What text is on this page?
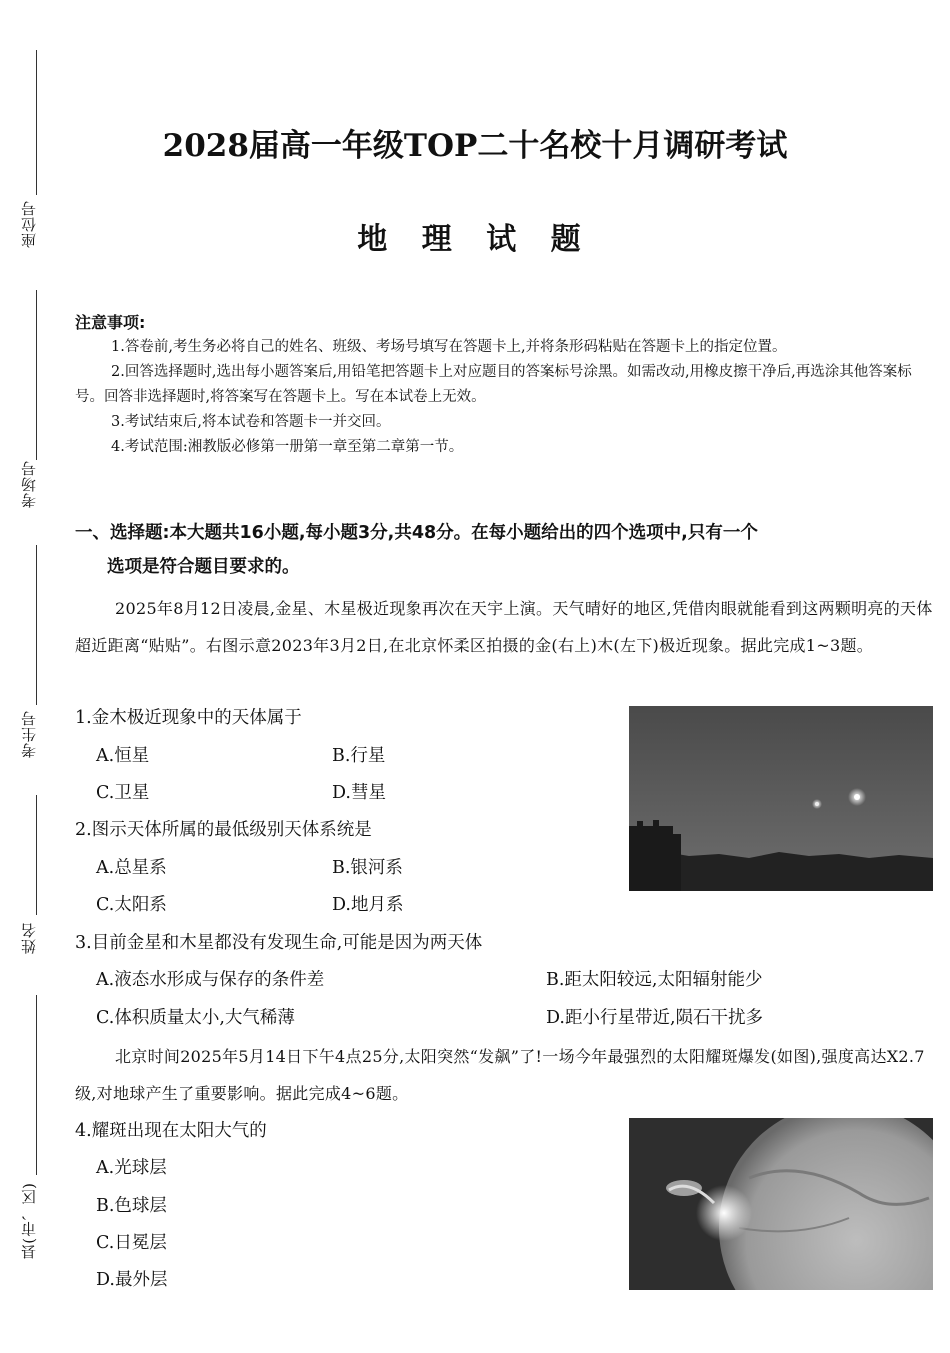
座位号
考场号
考生号
姓名
县(市、区)
2028届高一年级TOP二十名校十月调研考试
地 理 试 题
注意事项:

1.答卷前,考生务必将自己的姓名、班级、考场号填写在答题卡上,并将条形码粘贴在答题卡上的指定位置。

2.回答选择题时,选出每小题答案后,用铅笔把答题卡上对应题目的答案标号涂黑。如需改动,用橡皮擦干净后,再选涂其他答案标号。回答非选择题时,将答案写在答题卡上。写在本试卷上无效。

3.考试结束后,将本试卷和答题卡一并交回。

4.考试范围:湘教版必修第一册第一章至第二章第一节。

一、选择题:本大题共16小题,每小题3分,共48分。在每小题给出的四个选项中,只有一个
选项是符合题目要求的。
2025年8月12日凌晨,金星、木星极近现象再次在天宇上演。天气晴好的地区,凭借肉眼就能看到这两颗明亮的天体超近距离“贴贴”。右图示意2023年3月2日,在北京怀柔区拍摄的金(右上)木(左下)极近现象。据此完成1~3题。
1.金木极近现象中的天体属于
A.恒星	B.行星
C.卫星	D.彗星
2.图示天体所属的最低级别天体系统是
A.总星系	B.银河系
C.太阳系	D.地月系
3.目前金星和木星都没有发现生命,可能是因为两天体
A.液态水形成与保存的条件差	B.距太阳较远,太阳辐射能少
C.体积质量太小,大气稀薄	D.距小行星带近,陨石干扰多
北京时间2025年5月14日下午4点25分,太阳突然“发飙”了!一场今年最强烈的太阳耀斑爆发(如图),强度高达X2.7级,对地球产生了重要影响。据此完成4~6题。
4.耀斑出现在太阳大气的
A.光球层
B.色球层
C.日冕层
D.最外层
